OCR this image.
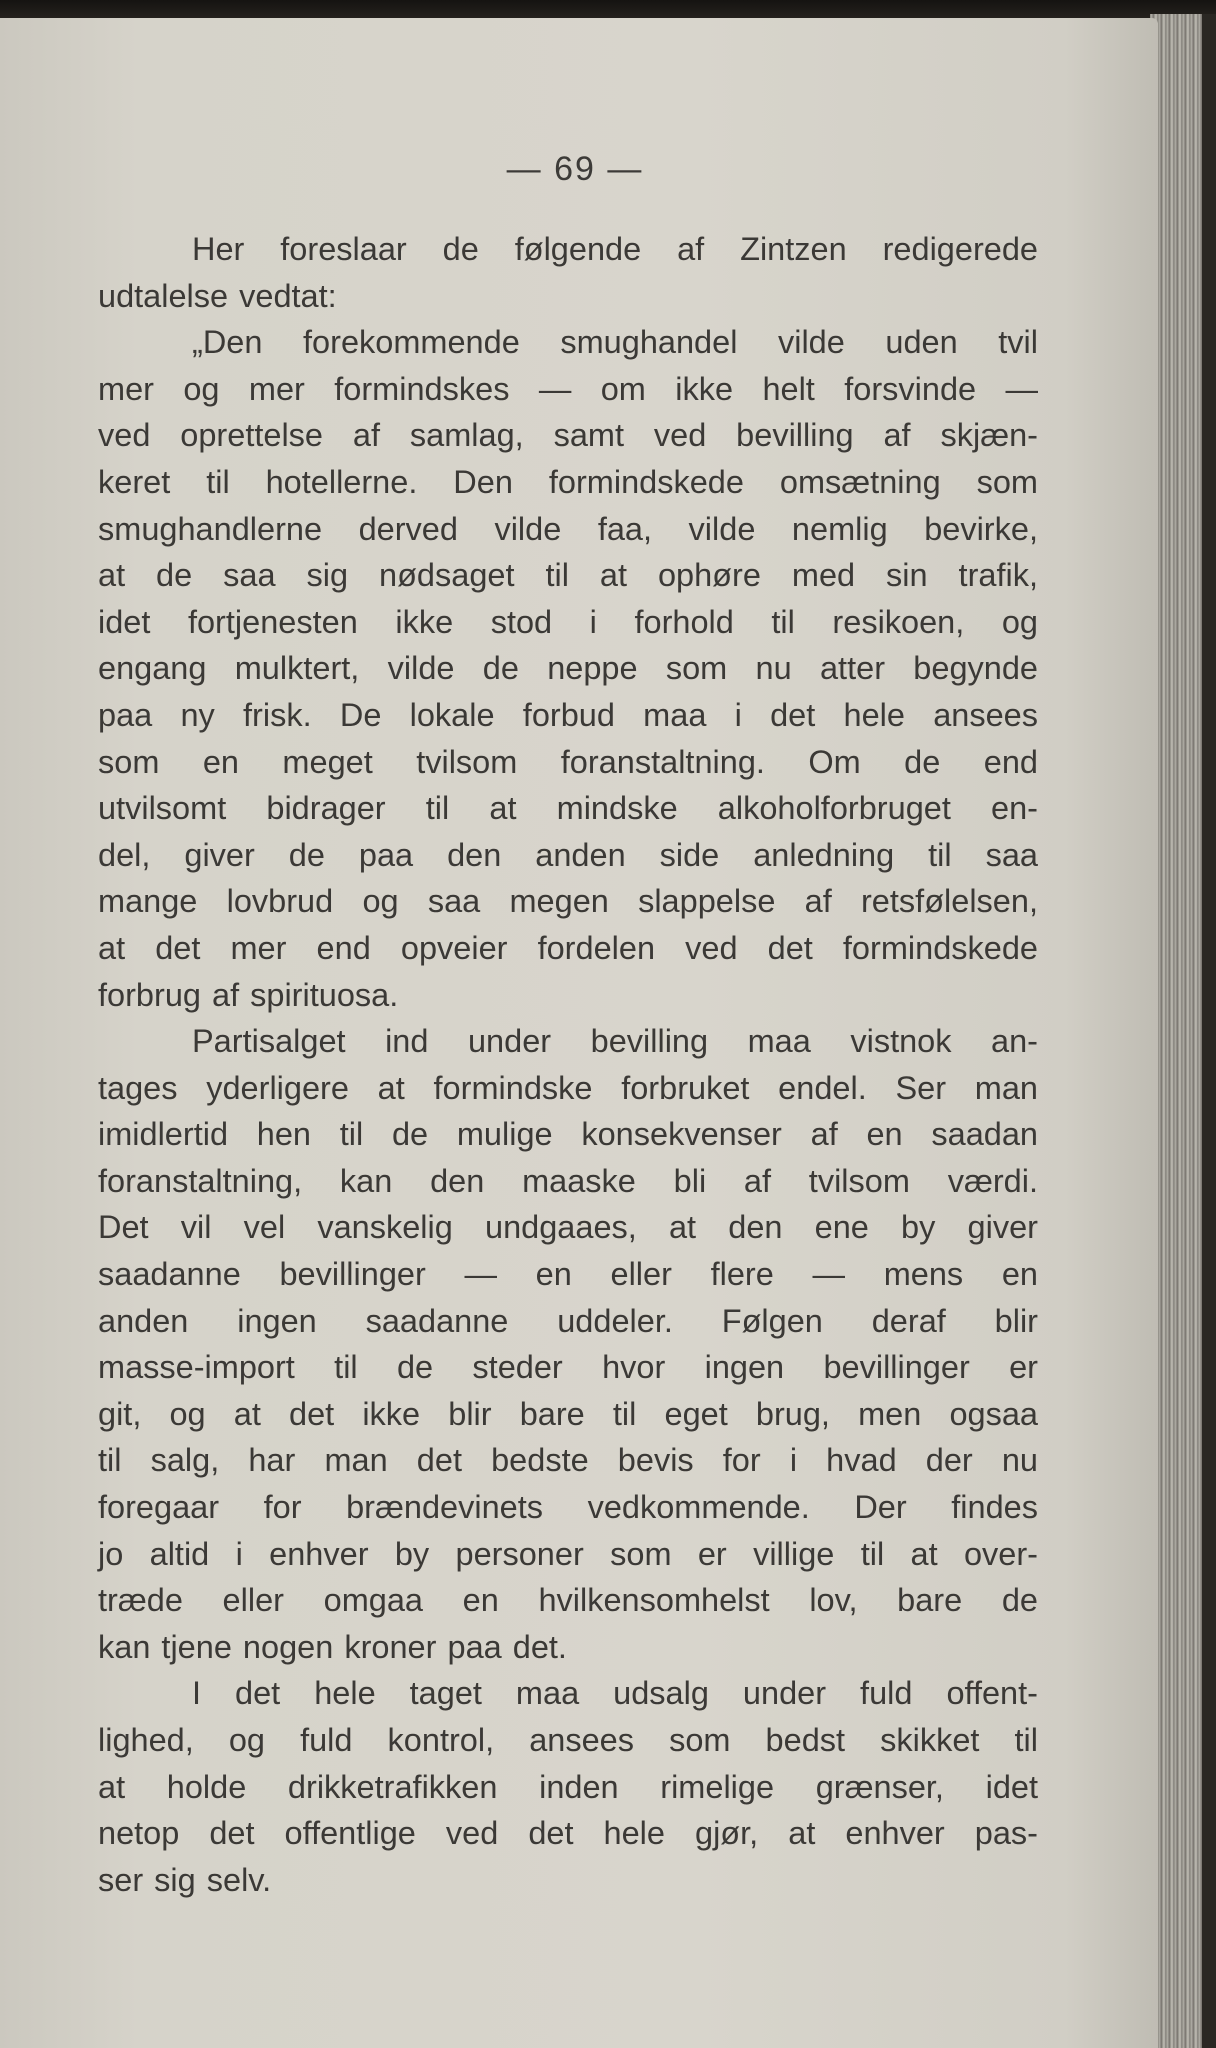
— 69 —
Her foreslaar de følgende af Zintzen redigerede
udtalelse vedtat:
„Den forekommende smughandel vilde uden tvil
mer og mer formindskes — om ikke helt forsvinde —
ved oprettelse af samlag, samt ved bevilling af skjæn-
keret til hotellerne. Den formindskede omsætning som
smughandlerne derved vilde faa, vilde nemlig bevirke,
at de saa sig nødsaget til at ophøre med sin trafik,
idet fortjenesten ikke stod i forhold til resikoen, og
engang mulktert, vilde de neppe som nu atter begynde
paa ny frisk. De lokale forbud maa i det hele ansees
som en meget tvilsom foranstaltning. Om de end
utvilsomt bidrager til at mindske alkoholforbruget en-
del, giver de paa den anden side anledning til saa
mange lovbrud og saa megen slappelse af retsfølelsen,
at det mer end opveier fordelen ved det formindskede
forbrug af spirituosa.
Partisalget ind under bevilling maa vistnok an-
tages yderligere at formindske forbruket endel. Ser man
imidlertid hen til de mulige konsekvenser af en saadan
foranstaltning, kan den maaske bli af tvilsom værdi.
Det vil vel vanskelig undgaaes, at den ene by giver
saadanne bevillinger — en eller flere — mens en
anden ingen saadanne uddeler. Følgen deraf blir
masse-import til de steder hvor ingen bevillinger er
git, og at det ikke blir bare til eget brug, men ogsaa
til salg, har man det bedste bevis for i hvad der nu
foregaar for brændevinets vedkommende. Der findes
jo altid i enhver by personer som er villige til at over-
træde eller omgaa en hvilkensomhelst lov, bare de
kan tjene nogen kroner paa det.
I det hele taget maa udsalg under fuld offent-
lighed, og fuld kontrol, ansees som bedst skikket til
at holde drikketrafikken inden rimelige grænser, idet
netop det offentlige ved det hele gjør, at enhver pas-
ser sig selv.
